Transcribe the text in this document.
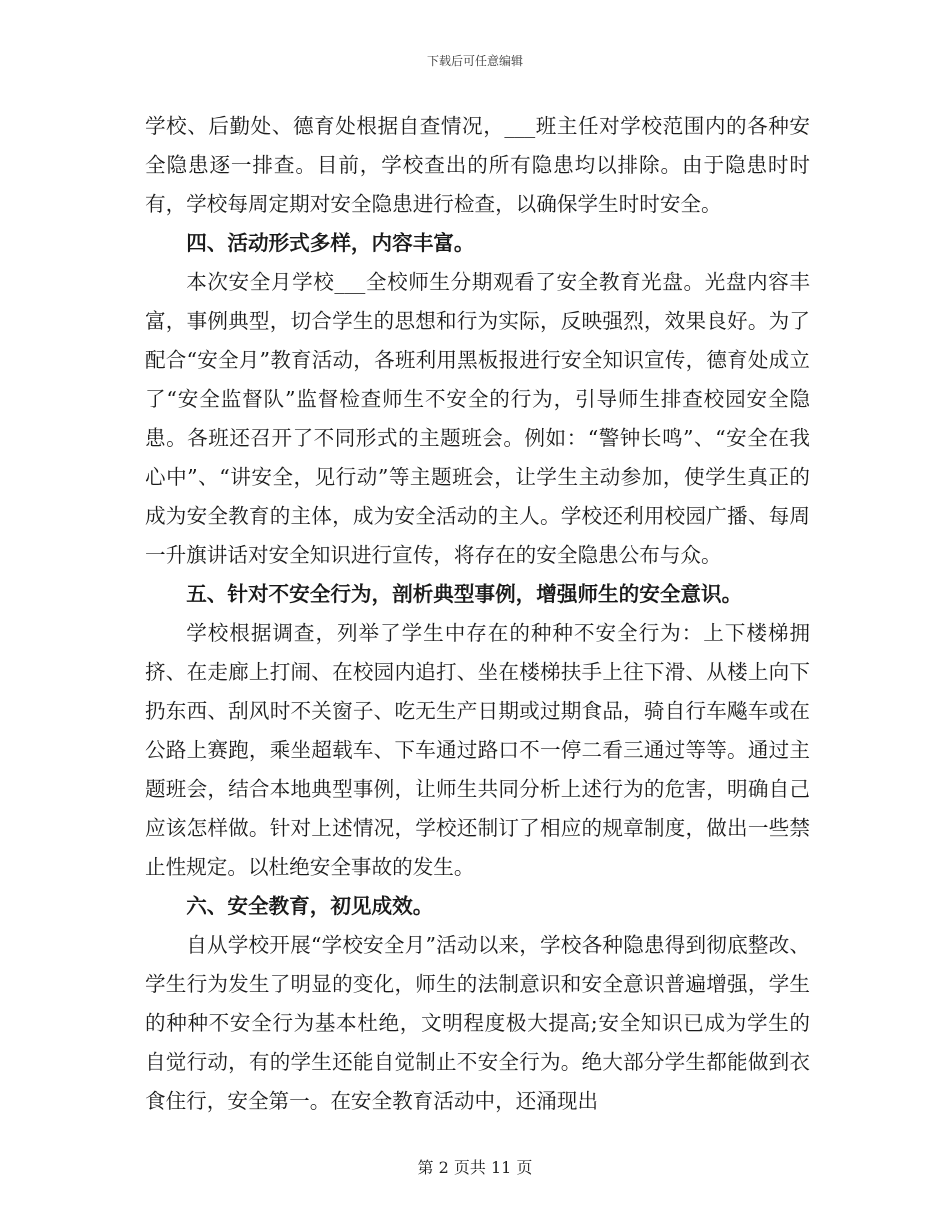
下载后可任意编辑

学校、后勤处、德育处根据自查情况，___班主任对学校范围内的各种安全隐患逐一排查。目前，学校查出的所有隐患均以排除。由于隐患时时有，学校每周定期对安全隐患进行检查，以确保学生时时安全。

四、活动形式多样，内容丰富。

本次安全月学校___全校师生分期观看了安全教育光盘。光盘内容丰富，事例典型，切合学生的思想和行为实际，反映强烈，效果良好。为了配合“安全月”教育活动，各班利用黑板报进行安全知识宣传，德育处成立了“安全监督队”监督检查师生不安全的行为，引导师生排查校园安全隐患。各班还召开了不同形式的主题班会。例如：“警钟长鸣”、“安全在我心中”、“讲安全，见行动”等主题班会，让学生主动参加，使学生真正的成为安全教育的主体，成为安全活动的主人。学校还利用校园广播、每周一升旗讲话对安全知识进行宣传，将存在的安全隐患公布与众。

五、针对不安全行为，剖析典型事例，增强师生的安全意识。

学校根据调查，列举了学生中存在的种种不安全行为：上下楼梯拥挤、在走廊上打闹、在校园内追打、坐在楼梯扶手上往下滑、从楼上向下扔东西、刮风时不关窗子、吃无生产日期或过期食品，骑自行车飚车或在公路上赛跑，乘坐超载车、下车通过路口不一停二看三通过等等。通过主题班会，结合本地典型事例，让师生共同分析上述行为的危害，明确自己应该怎样做。针对上述情况，学校还制订了相应的规章制度，做出一些禁止性规定。以杜绝安全事故的发生。

六、安全教育，初见成效。

自从学校开展“学校安全月”活动以来，学校各种隐患得到彻底整改、学生行为发生了明显的变化，师生的法制意识和安全意识普遍增强，学生的种种不安全行为基本杜绝，文明程度极大提高;安全知识已成为学生的自觉行动，有的学生还能自觉制止不安全行为。绝大部分学生都能做到衣食住行，安全第一。在安全教育活动中，还涌现出

第 2 页共 11 页
